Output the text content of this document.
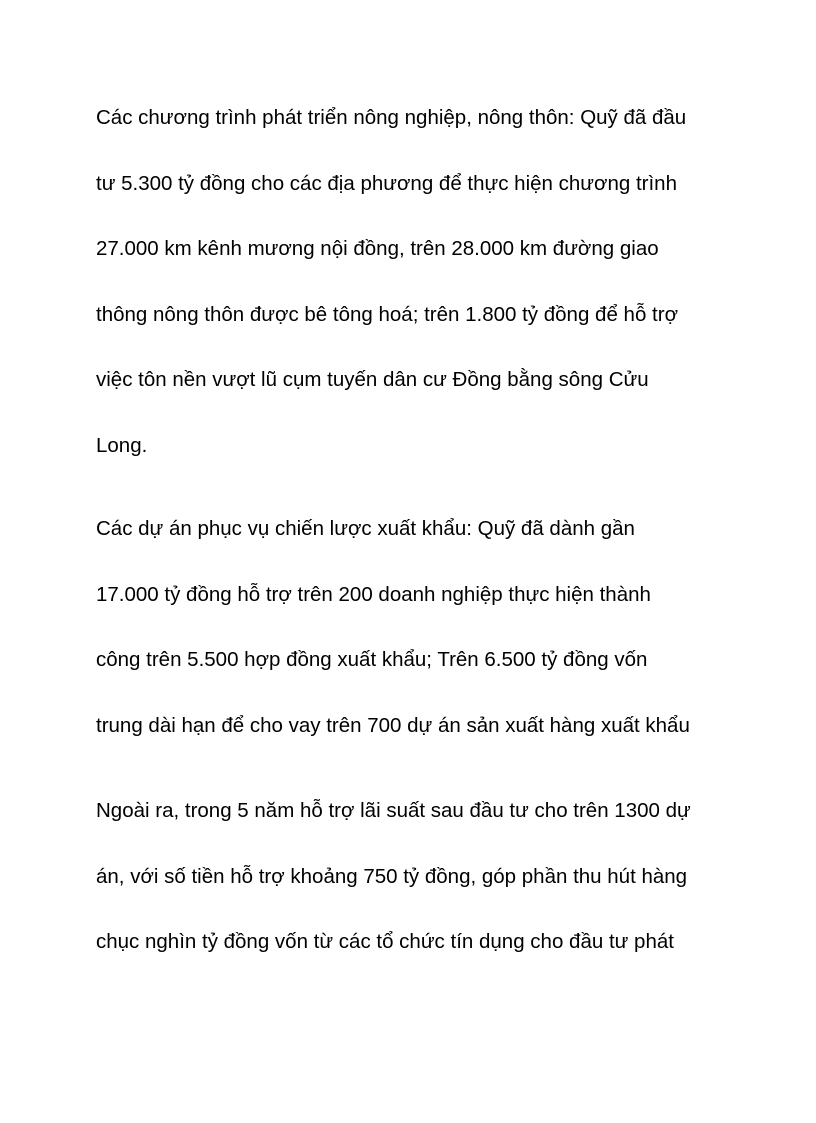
Các chương trình phát triển nông nghiệp, nông thôn: Quỹ đã đầu
tư 5.300 tỷ đồng cho các địa phương để thực hiện chương trình
27.000 km kênh mương nội đồng, trên 28.000 km đường giao
thông nông thôn được bê tông hoá; trên 1.800 tỷ đồng để hỗ trợ
việc tôn nền vượt lũ cụm tuyến dân cư Đồng bằng sông Cửu
Long.
Các dự án phục vụ chiến lược xuất khẩu: Quỹ đã dành gần
17.000 tỷ đồng hỗ trợ trên 200 doanh nghiệp thực hiện thành
công trên 5.500 hợp đồng xuất khẩu; Trên 6.500 tỷ đồng vốn
trung dài hạn để cho vay trên 700 dự án sản xuất hàng xuất khẩu
Ngoài ra, trong 5 năm hỗ trợ lãi suất sau đầu tư cho trên 1300 dự
án, với số tiền hỗ trợ khoảng 750 tỷ đồng, góp phần thu hút hàng
chục nghìn tỷ đồng vốn từ các tổ chức tín dụng cho đầu tư phát
